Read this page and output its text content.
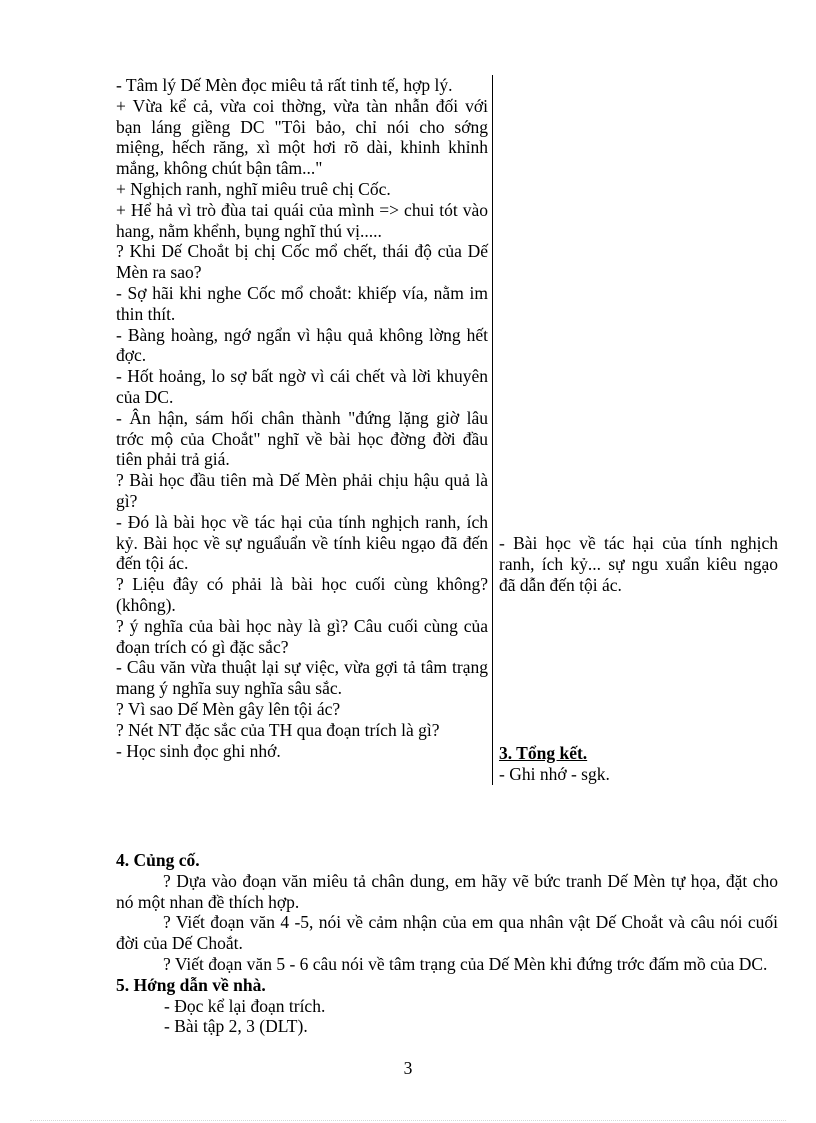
- Tâm lý Dế Mèn đọc miêu tả rất tinh tế, hợp lý.

+ Vừa kể cả, vừa coi thờng, vừa tàn nhẫn đối với bạn láng giềng DC "Tôi bảo, chỉ nói cho sớng miệng, hếch răng, xì một hơi rõ dài, khinh khỉnh mắng, không chút bận tâm..."

+ Nghịch ranh, nghĩ miêu truê chị Cốc.

+ Hể hả vì trò đùa tai quái của mình => chui tót vào hang, nằm khểnh, bụng nghĩ thú vị.....

? Khi Dế Choắt bị chị Cốc mổ chết, thái độ của Dế Mèn ra sao?

- Sợ hãi khi nghe Cốc mổ choắt: khiếp vía, nằm im thin thít.

- Bàng hoàng, ngớ ngẩn vì hậu quả không lờng hết đợc.

- Hốt hoảng, lo sợ bất ngờ vì cái chết và lời khuyên của DC.

- Ân hận, sám hối chân thành "đứng lặng giờ lâu trớc mộ của Choắt" nghĩ về bài học đờng đời đầu tiên phải trả giá.

? Bài học đầu tiên mà Dế Mèn phải chịu hậu quả là gì?

- Đó là bài học về tác hại của tính nghịch ranh, ích kỷ. Bài học về sự nguẩuẩn về tính kiêu ngạo đã đến đến tội ác.

? Liệu đây có phải là bài học cuối cùng không? (không).

? ý nghĩa của bài học này là gì? Câu cuối cùng của đoạn trích có gì đặc sắc?

- Câu văn vừa thuật lại sự việc, vừa gợi tả tâm trạng mang ý nghĩa suy nghĩa sâu sắc.

? Vì sao Dế Mèn gây lên tội ác?

? Nét NT đặc sắc của TH qua đoạn trích là gì?

- Học sinh đọc ghi nhớ.

- Bài học về tác hại của tính nghịch ranh, ích kỷ... sự ngu xuẩn kiêu ngạo đã dẫn đến tội ác.

3. Tổng kết.

- Ghi nhớ - sgk.

4. Củng cố.

? Dựa vào đoạn văn miêu tả chân dung, em hãy vẽ bức tranh Dế Mèn tự họa, đặt cho nó một nhan đề thích hợp.

? Viết đoạn văn 4 -5, nói về cảm nhận của em qua nhân vật Dế Choắt và câu nói cuối đời của Dế Choắt.

? Viết đoạn văn 5 - 6 câu nói về tâm trạng của Dế Mèn khi đứng trớc đấm mồ của DC.

5. Hớng dẫn về nhà.

- Đọc kể lại đoạn trích.

- Bài tập 2, 3 (DLT).

3
